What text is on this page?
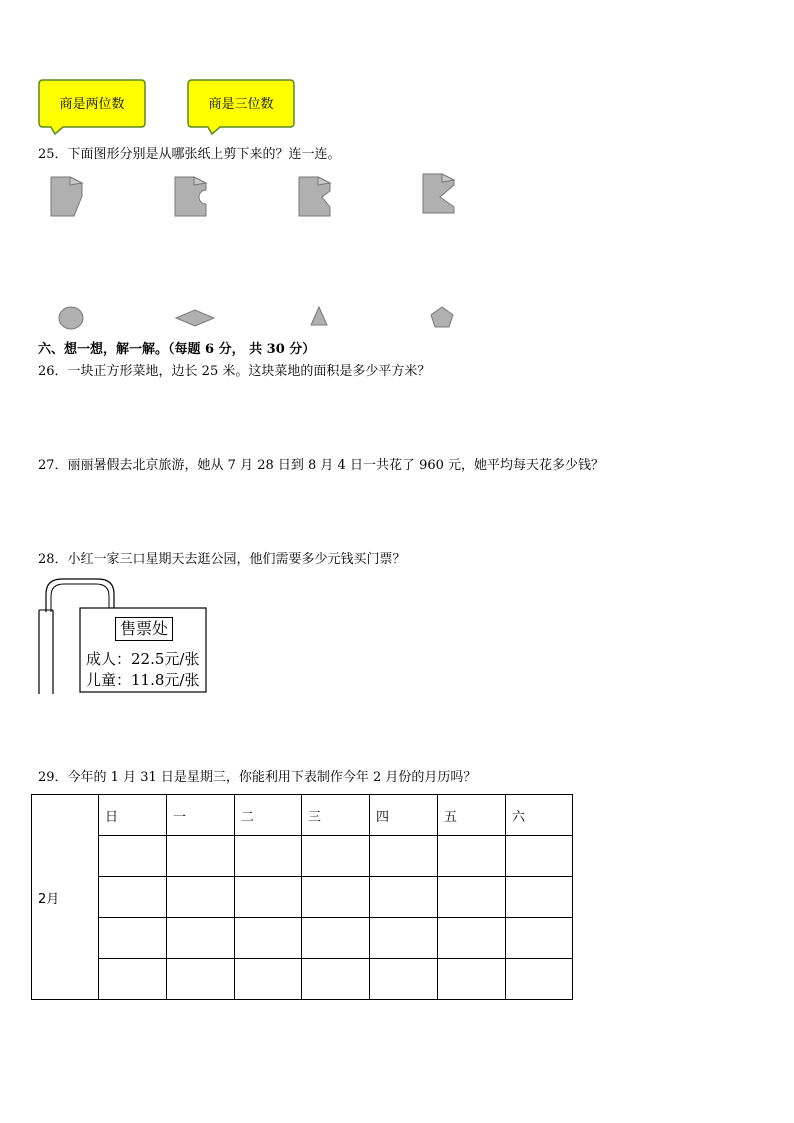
商是两位数	商是三位数
25．下面图形分别是从哪张纸上剪下来的？连一连。
六、想一想，解一解。（每题 6 分， 共 30 分）
26．一块正方形菜地，边长 25 米。这块菜地的面积是多少平方米？
27．丽丽暑假去北京旅游，她从 7 月 28 日到 8 月 4 日一共花了 960 元，她平均每天花多少钱？
28．小红一家三口星期天去逛公园，他们需要多少元钱买门票？
售票处
成人：22.5元/张
儿童：11.8元/张
29．今年的 1 月 31 日是星期三，你能利用下表制作今年 2 月份的月历吗？
2月	日	一	二	三	四	五	六
